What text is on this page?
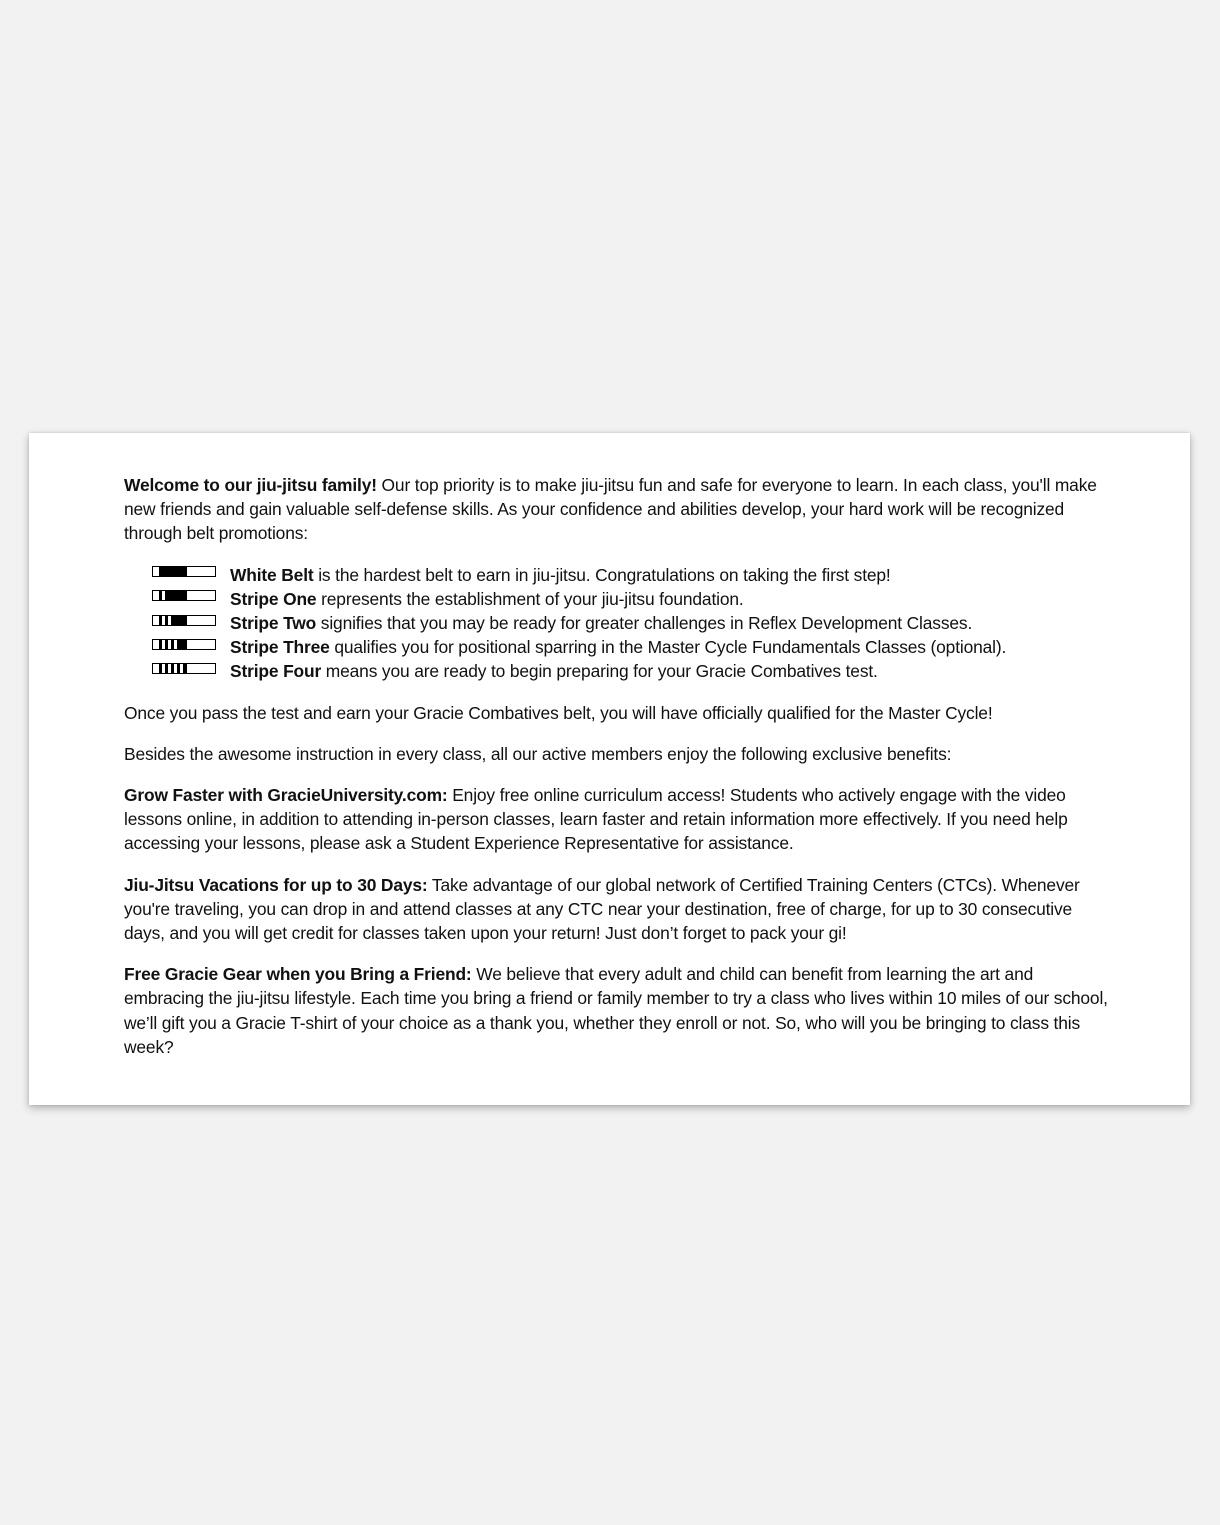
Welcome to our jiu-jitsu family! Our top priority is to make jiu-jitsu fun and safe for everyone to learn. In each class, you'll make new friends and gain valuable self-defense skills. As your confidence and abilities develop, your hard work will be recognized through belt promotions:

White Belt is the hardest belt to earn in jiu-jitsu. Congratulations on taking the first step!
Stripe One represents the establishment of your jiu-jitsu foundation.
Stripe Two signifies that you may be ready for greater challenges in Reflex Development Classes.
Stripe Three qualifies you for positional sparring in the Master Cycle Fundamentals Classes (optional).
Stripe Four means you are ready to begin preparing for your Gracie Combatives test.

Once you pass the test and earn your Gracie Combatives belt, you will have officially qualified for the Master Cycle!

Besides the awesome instruction in every class, all our active members enjoy the following exclusive benefits:

Grow Faster with GracieUniversity.com: Enjoy free online curriculum access! Students who actively engage with the video lessons online, in addition to attending in-person classes, learn faster and retain information more effectively. If you need help accessing your lessons, please ask a Student Experience Representative for assistance.

Jiu-Jitsu Vacations for up to 30 Days: Take advantage of our global network of Certified Training Centers (CTCs). Whenever you're traveling, you can drop in and attend classes at any CTC near your destination, free of charge, for up to 30 consecutive days, and you will get credit for classes taken upon your return! Just don’t forget to pack your gi!

Free Gracie Gear when you Bring a Friend: We believe that every adult and child can benefit from learning the art and embracing the jiu-jitsu lifestyle. Each time you bring a friend or family member to try a class who lives within 10 miles of our school, we’ll gift you a Gracie T-shirt of your choice as a thank you, whether they enroll or not. So, who will you be bringing to class this week?
